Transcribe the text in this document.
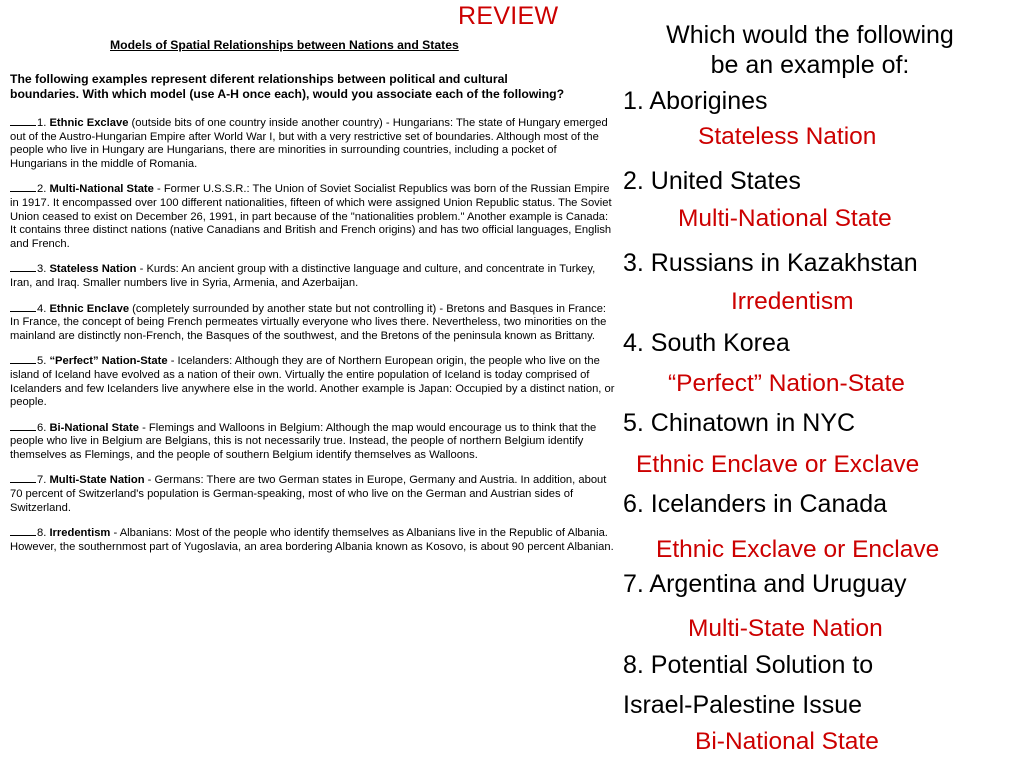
REVIEW
Models of Spatial Relationships between Nations and States
The following examples represent diferent relationships between political and cultural boundaries. With which model (use A-H once each), would you associate each of the following?
1. Ethnic Exclave (outside bits of one country inside another country) - Hungarians: The state of Hungary emerged out of the Austro-Hungarian Empire after World War I, but with a very restrictive set of boundaries. Although most of the people who live in Hungary are Hungarians, there are minorities in surrounding countries, including a pocket of Hungarians in the middle of Romania.
2. Multi-National State - Former U.S.S.R.: The Union of Soviet Socialist Republics was born of the Russian Empire in 1917. It encompassed over 100 different nationalities, fifteen of which were assigned Union Republic status. The Soviet Union ceased to exist on December 26, 1991, in part because of the "nationalities problem." Another example is Canada: It contains three distinct nations (native Canadians and British and French origins) and has two official languages, English and French.
3. Stateless Nation - Kurds: An ancient group with a distinctive language and culture, and concentrate in Turkey, Iran, and Iraq. Smaller numbers live in Syria, Armenia, and Azerbaijan.
4. Ethnic Enclave (completely surrounded by another state but not controlling it) - Bretons and Basques in France: In France, the concept of being French permeates virtually everyone who lives there. Nevertheless, two minorities on the mainland are distinctly non-French, the Basques of the southwest, and the Bretons of the peninsula known as Brittany.
5. “Perfect” Nation-State - Icelanders: Although they are of Northern European origin, the people who live on the island of Iceland have evolved as a nation of their own. Virtually the entire population of Iceland is today comprised of Icelanders and few Icelanders live anywhere else in the world. Another example is Japan: Occupied by a distinct nation, or people.
6. Bi-National State - Flemings and Walloons in Belgium: Although the map would encourage us to think that the people who live in Belgium are Belgians, this is not necessarily true. Instead, the people of northern Belgium identify themselves as Flemings, and the people of southern Belgium identify themselves as Walloons.
7. Multi-State Nation - Germans: There are two German states in Europe, Germany and Austria. In addition, about 70 percent of Switzerland's population is German-speaking, most of who live on the German and Austrian sides of Switzerland.
8. Irredentism - Albanians: Most of the people who identify themselves as Albanians live in the Republic of Albania. However, the southernmost part of Yugoslavia, an area bordering Albania known as Kosovo, is about 90 percent Albanian.
Which would the following
be an example of:
1. Aborigines
Stateless Nation
2. United States
Multi-National State
3. Russians in Kazakhstan
Irredentism
4. South Korea
“Perfect” Nation-State
5. Chinatown in NYC
Ethnic Enclave or Exclave
6. Icelanders in Canada
Ethnic Exclave or Enclave
7. Argentina and Uruguay
Multi-State Nation
8. Potential Solution to
Israel-Palestine Issue
Bi-National State
